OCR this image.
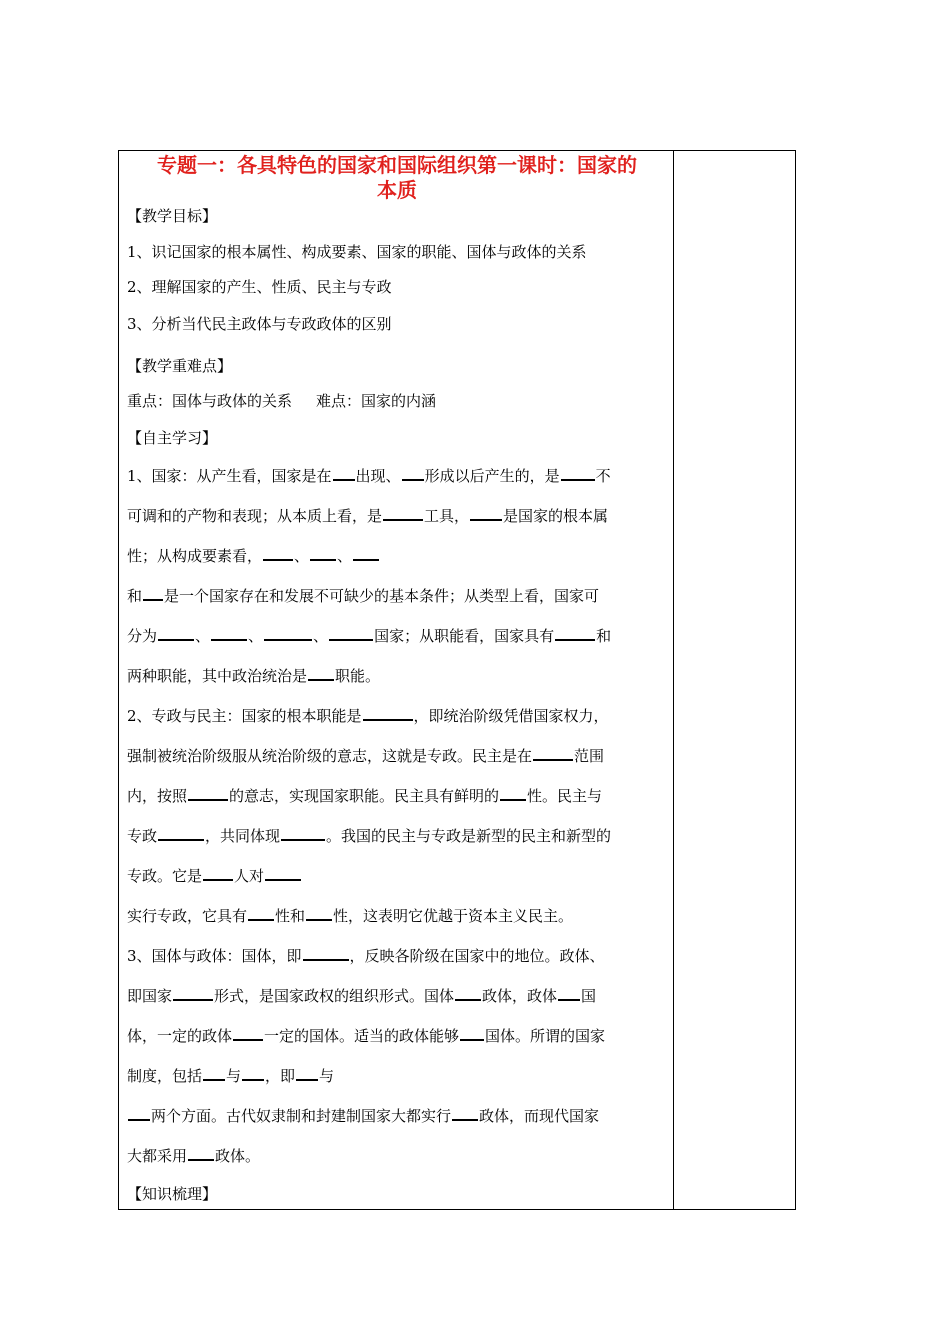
专题一：各具特色的国家和国际组织第一课时：国家的
本质

【教学目标】

1、识记国家的根本属性、构成要素、国家的职能、国体与政体的关系

2、理解国家的产生、性质、民主与专政

3、分析当代民主政体与专政政体的区别

【教学重难点】

重点：国体与政体的关系 难点：国家的内涵

【自主学习】

1、国家：从产生看，国家是在 出现、 形成以后产生的，是 不
可调和的产物和表现；从本质上看，是	工具， 是国家的根本属
性；从构成要素看， 、 、
和 是一个国家存在和发展不可缺少的基本条件；从类型上看，国家可
分为	、	、	、	国家；从职能看，国家具有	和
两种职能，其中政治统治是 职能。
2、专政与民主：国家的根本职能是	，即统治阶级凭借国家权力，
强制被统治阶级服从统治阶级的意志，这就是专政。民主是在	范围
内，按照	的意志，实现国家职能。民主具有鲜明的 性。民主与
专政	，共同体现	。我国的民主与专政是新型的民主和新型的
专政。它是 人对
实行专政，它具有 性和 性，这表明它优越于资本主义民主。
3、国体与政体：国体，即	，反映各阶级在国家中的地位。政体、
即国家	形式，是国家政权的组织形式。国体 政体，政体 国
体，一定的政体 一定的国体。适当的政体能够 国体。所谓的国家
制度，包括 与 ，即 与
两个方面。古代奴隶制和封建制国家大都实行 政体，而现代国家
大都采用 政体。

【知识梳理】
